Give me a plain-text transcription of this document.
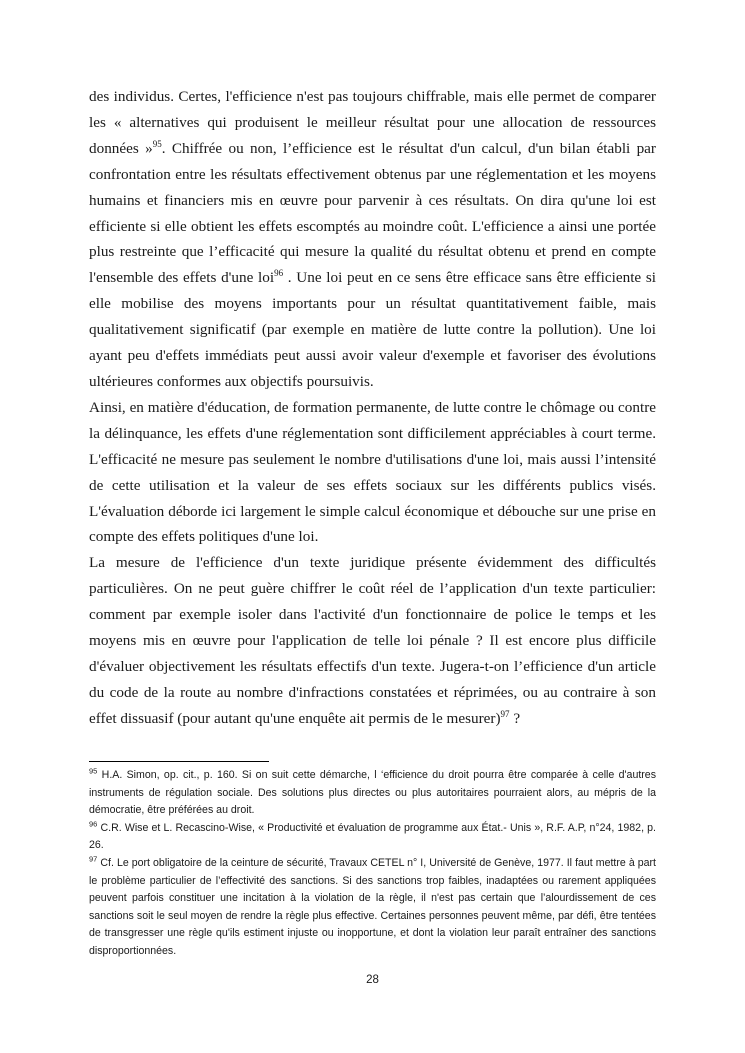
des individus. Certes, l'efficience n'est pas toujours chiffrable, mais elle permet de comparer les « alternatives qui produisent le meilleur résultat pour une allocation de ressources données »$^{95}$. Chiffrée ou non, l’efficience est le résultat d'un calcul, d'un bilan établi par confrontation entre les résultats effectivement obtenus par une réglementation et les moyens humains et financiers mis en œuvre pour parvenir à ces résultats. On dira qu'une loi est efficiente si elle obtient les effets escomptés au moindre coût. L'efficience a ainsi une portée plus restreinte que l’efficacité qui mesure la qualité du résultat obtenu et prend en compte l'ensemble des effets d'une loi$^{96}$ . Une loi peut en ce sens être efficace sans être efficiente si elle mobilise des moyens importants pour un résultat quantitativement faible, mais qualitativement significatif (par exemple en matière de lutte contre la pollution). Une loi ayant peu d'effets immédiats peut aussi avoir valeur d'exemple et favoriser des évolutions ultérieures conformes aux objectifs poursuivis.

Ainsi, en matière d'éducation, de formation permanente, de lutte contre le chômage ou contre la délinquance, les effets d'une réglementation sont difficilement appréciables à court terme. L'efficacité ne mesure pas seulement le nombre d'utilisations d'une loi, mais aussi l’intensité de cette utilisation et la valeur de ses effets sociaux sur les différents publics visés. L'évaluation déborde ici largement le simple calcul économique et débouche sur une prise en compte des effets politiques d'une loi.

La mesure de l'efficience d'un texte juridique présente évidemment des difficultés particulières. On ne peut guère chiffrer le coût réel de l’application d'un texte particulier: comment par exemple isoler dans l'activité d'un fonctionnaire de police le temps et les moyens mis en œuvre pour l'application de telle loi pénale ? Il est encore plus difficile d'évaluer objectivement les résultats effectifs d'un texte. Jugera-t-on l’efficience d'un article du code de la route au nombre d'infractions constatées et réprimées, ou au contraire à son effet dissuasif (pour autant qu'une enquête ait permis de le mesurer)$^{97}$ ?

$^{95}$ H.A. Simon, op. cit., p. 160. Si on suit cette démarche, l ‘efficience du droit pourra être comparée à celle d'autres instruments de régulation sociale. Des solutions plus directes ou plus autoritaires pourraient alors, au mépris de la démocratie, être préférées au droit.

$^{96}$ C.R. Wise et L. Recascino-Wise, « Productivité et évaluation de programme aux État.- Unis », R.F. A.P, n°24, 1982, p. 26.

$^{97}$ Cf. Le port obligatoire de la ceinture de sécurité, Travaux CETEL n° I, Université de Genève, 1977. Il faut mettre à part le problème particulier de l’effectivité des sanctions. Si des sanctions trop faibles, inadaptées ou rarement appliquées peuvent parfois constituer une incitation à la violation de la règle, il n'est pas certain que l’alourdissement de ces sanctions soit le seul moyen de rendre la règle plus effective. Certaines personnes peuvent même, par défi, être tentées de transgresser une règle qu'ils estiment injuste ou inopportune, et dont la violation leur paraît entraîner des sanctions disproportionnées.

28
